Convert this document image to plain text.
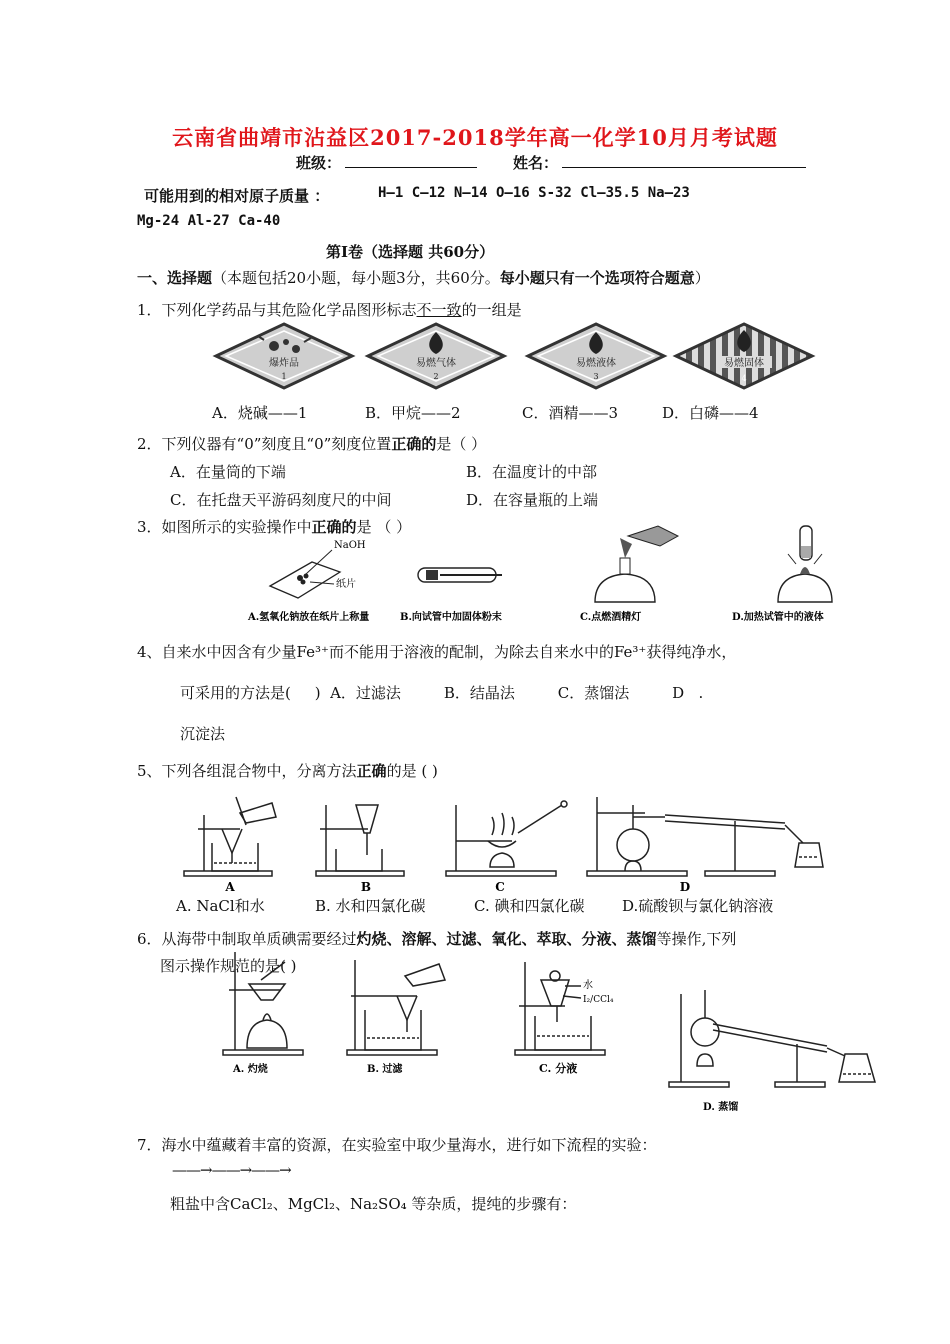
云南省曲靖市沾益区2017-2018学年高一化学10月月考试题
班级：	姓名：
可能用到的相对原子质量 ：	H—1 C—12 N—14 O—16 S-32 Cl—35.5 Na—23
Mg-24 Al-27 Ca-40
第Ⅰ卷（选择题 共60分）
一、选择题（本题包括20小题，每小题3分，共60分。每小题只有一个选项符合题意）
1．下列化学药品与其危险化学品图形标志不一致的一组是
爆炸品
1
易燃气体
2
易燃液体
3
易燃固体
4
A．烧碱——1	B．甲烷——2	C．酒精——3	D．白磷——4
2．下列仪器有“0”刻度且“0”刻度位置正确的是（ ）
A．在量筒的下端	B．在温度计的中部
C．在托盘天平游码刻度尺的中间	D．在容量瓶的上端
3．如图所示的实验操作中正确的是 （ ）
NaOH
纸片
A.氢氧化钠放在纸片上称量	B.向试管中加固体粉末	C.点燃酒精灯	D.加热试管中的液体
4、自来水中因含有少量Fe³⁺而不能用于溶液的配制，为除去自来水中的Fe³⁺获得纯净水，
可采用的方法是(     )  A．过滤法         B．结晶法         C．蒸馏法         D   .
沉淀法
5、下列各组混合物中，分离方法正确的是 ( )
A	B	C	D
A. NaCl和水	B. 水和四氯化碳	C. 碘和四氯化碳	D.硫酸钡与氯化钠溶液
6．从海带中制取单质碘需要经过灼烧、溶解、过滤、氧化、萃取、分液、蒸馏等操作,下列
图示操作规范的是( )
水
I₂/CCl₄
A. 灼烧	B. 过滤	C. 分液
D. 蒸馏
7．海水中蕴藏着丰富的资源，在实验室中取少量海水，进行如下流程的实验：
——→——→——→
粗盐中含CaCl₂、MgCl₂、Na₂SO₄ 等杂质，提纯的步骤有：
